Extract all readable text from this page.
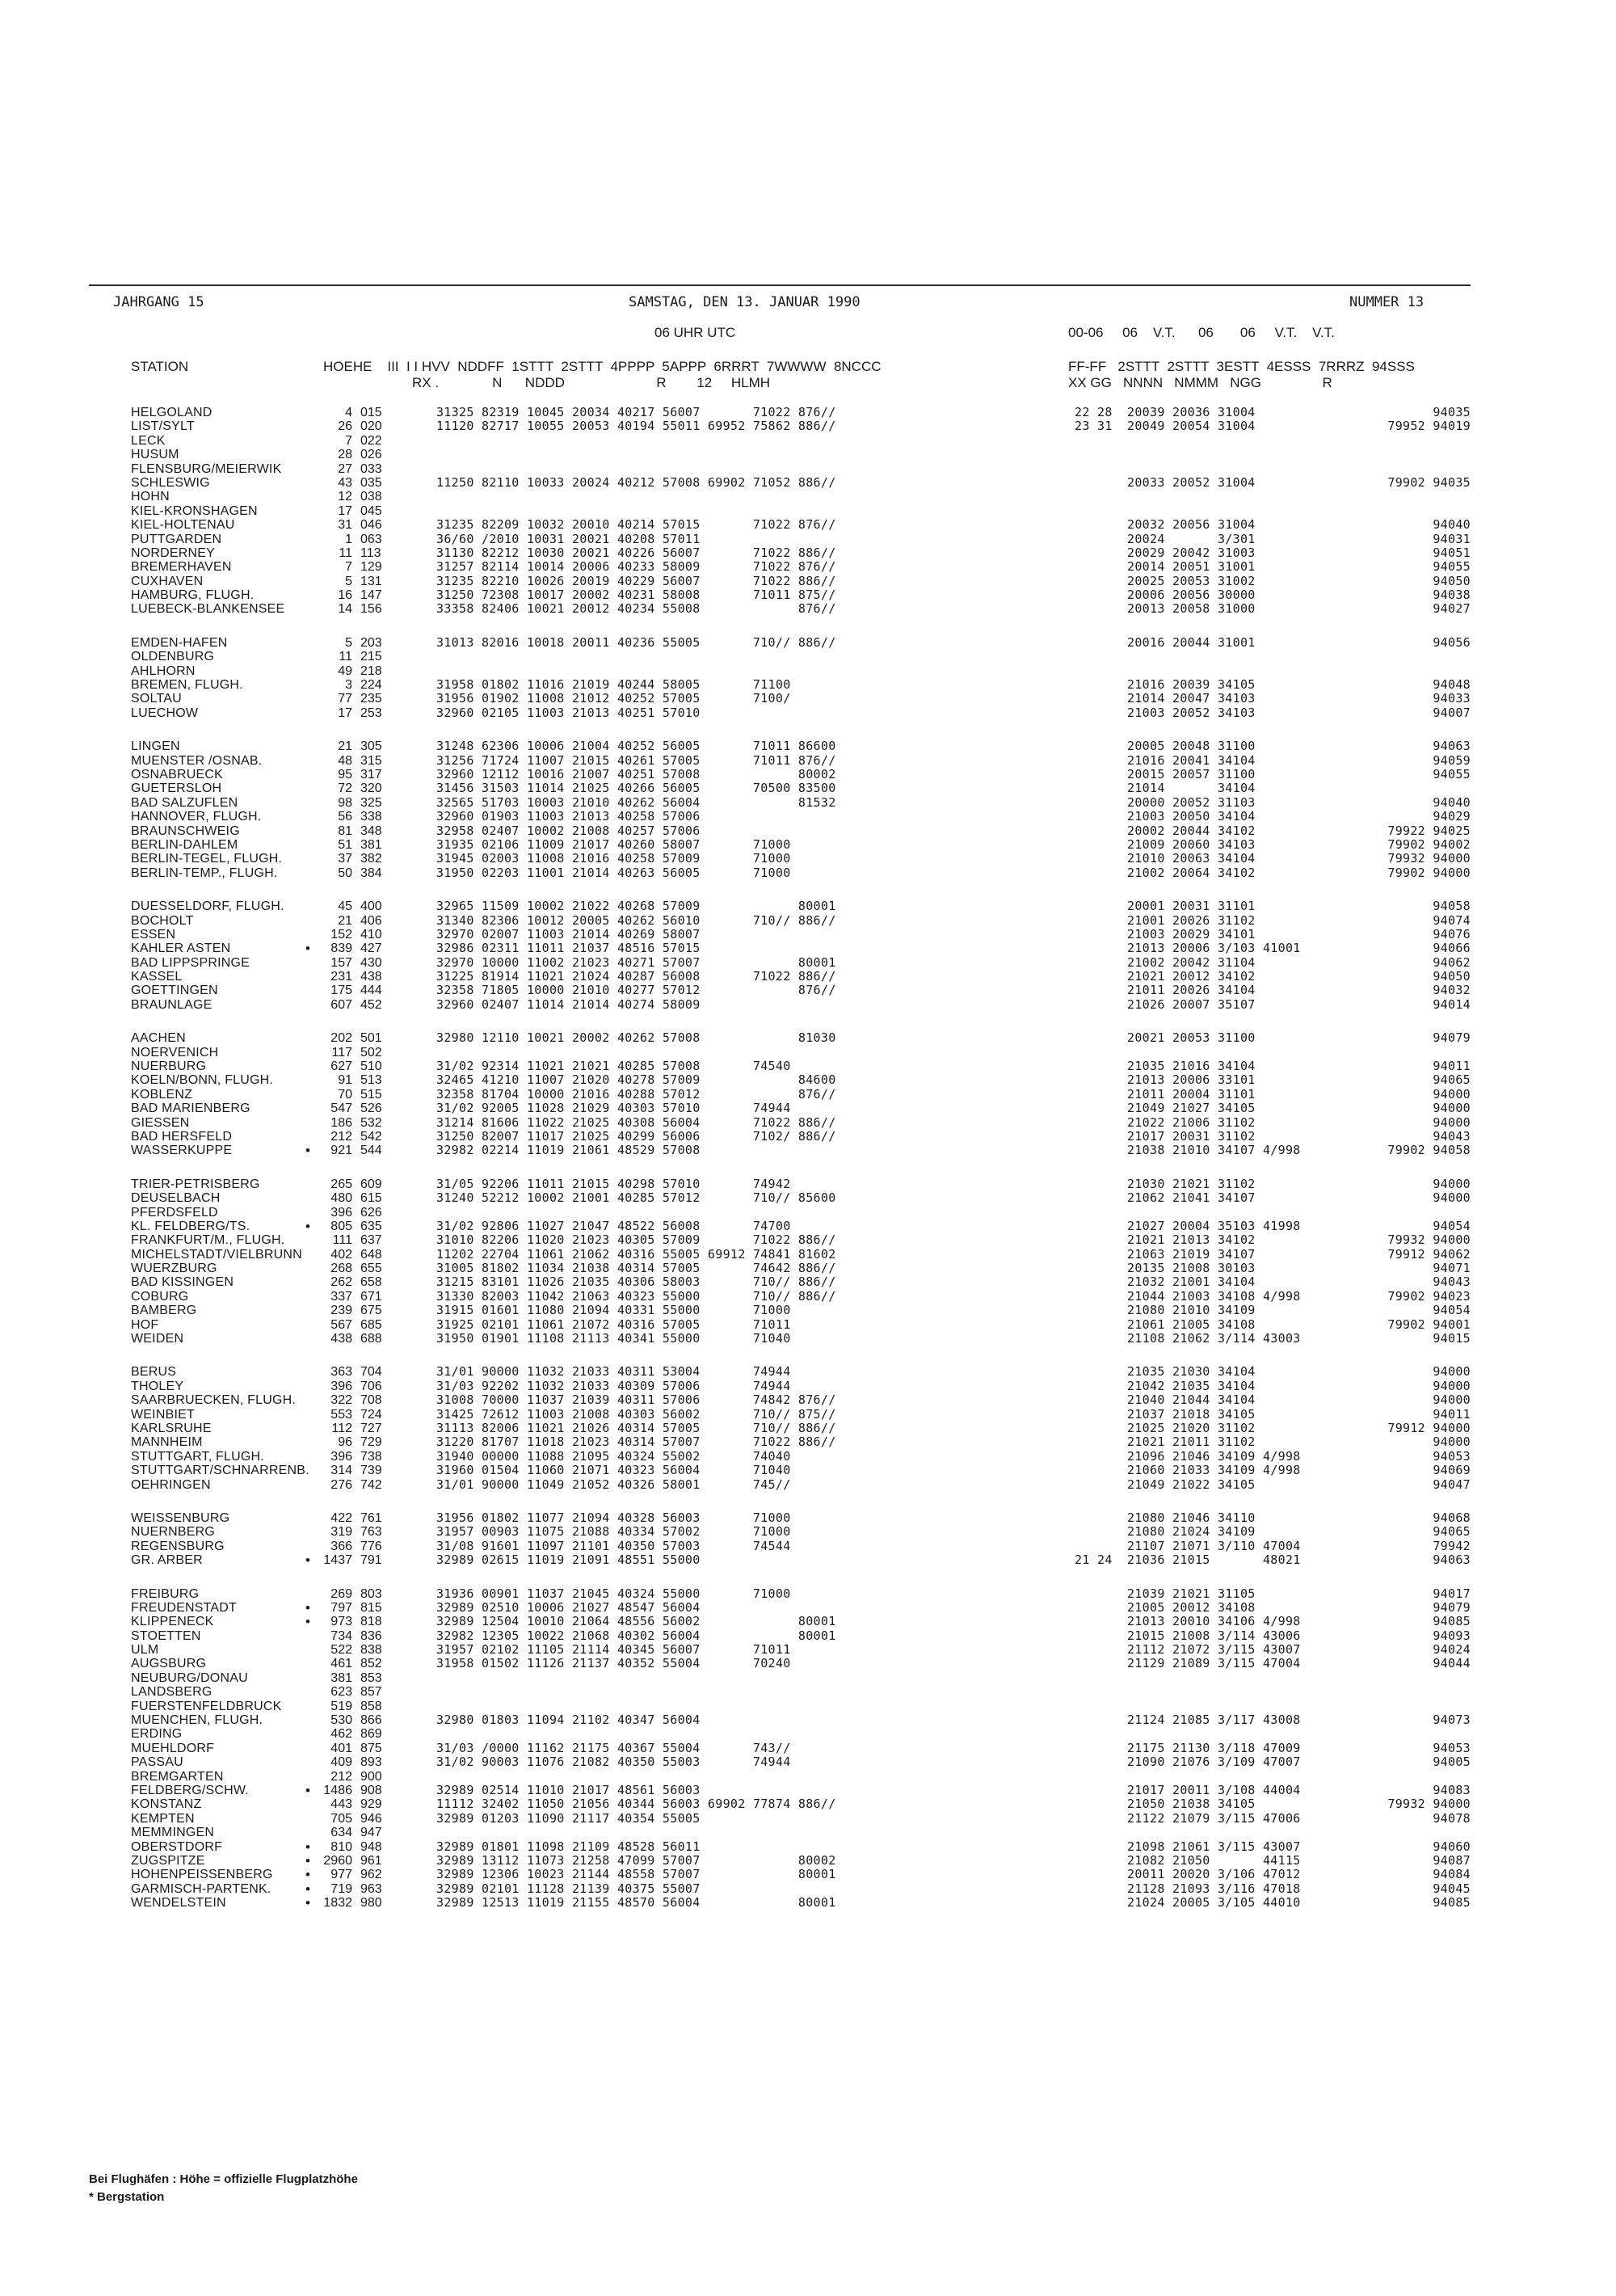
JAHRGANG 15	SAMSTAG, DEN 13. JANUAR 1990	NUMMER 13
06 UHR UTC	00-06     06    V.T.      06       06     V.T.    V.T.
STATION	HOEHE    III  I I HVV  NDDFF  1STTT  2STTT  4PPPP  5APPP  6RRRT  7WWWW  8NCCC	FF-FF   2STTT  2STTT  3ESTT  4ESSS  7RRRZ  94SSS
RX .              N      NDDD                        R        12     HLMH	XX GG   NNNN   NMMM   NGG                R
HELGOLAND	4 015	31325 82319 10045 20034 40217 56007       71022 876//	22 28 20039 20036 31004	94035
LIST/SYLT	26 020	11120 82717 10055 20053 40194 55011 69952 75862 886//	23 31 20049 20054 31004	79952 94019
LECK	7 022
HUSUM	28 026
FLENSBURG/MEIERWIK	27 033
SCHLESWIG	43 035	11250 82110 10033 20024 40212 57008 69902 71052 886//	20033 20052 31004	79902 94035
HOHN	12 038
KIEL-KRONSHAGEN	17 045
KIEL-HOLTENAU	31 046	31235 82209 10032 20010 40214 57015       71022 876//	20032 20056 31004	94040
PUTTGARDEN	1 063	36/60 /2010 10031 20021 40208 57011	20024       3/301	94031
NORDERNEY	11 113	31130 82212 10030 20021 40226 56007       71022 886//	20029 20042 31003	94051
BREMERHAVEN	7 129	31257 82114 10014 20006 40233 58009       71022 876//	20014 20051 31001	94055
CUXHAVEN	5 131	31235 82210 10026 20019 40229 56007       71022 886//	20025 20053 31002	94050
HAMBURG, FLUGH.	16 147	31250 72308 10017 20002 40231 58008       71011 875//	20006 20056 30000	94038
LUEBECK-BLANKENSEE	14 156	33358 82406 10021 20012 40234 55008             876//	20013 20058 31000	94027
EMDEN-HAFEN	5 203	31013 82016 10018 20011 40236 55005       710// 886//	20016 20044 31001	94056
OLDENBURG	11 215
AHLHORN	49 218
BREMEN, FLUGH.	3 224	31958 01802 11016 21019 40244 58005       71100	21016 20039 34105	94048
SOLTAU	77 235	31956 01902 11008 21012 40252 57005       7100/	21014 20047 34103	94033
LUECHOW	17 253	32960 02105 11003 21013 40251 57010	21003 20052 34103	94007
LINGEN	21 305	31248 62306 10006 21004 40252 56005       71011 86600	20005 20048 31100	94063
MUENSTER /OSNAB.	48 315	31256 71724 11007 21015 40261 57005       71011 876//	21016 20041 34104	94059
OSNABRUECK	95 317	32960 12112 10016 21007 40251 57008             80002	20015 20057 31100	94055
GUETERSLOH	72 320	31456 31503 11014 21025 40266 56005       70500 83500	21014       34104
BAD SALZUFLEN	98 325	32565 51703 10003 21010 40262 56004             81532	20000 20052 31103	94040
HANNOVER, FLUGH.	56 338	32960 01903 11003 21013 40258 57006	21003 20050 34104	94029
BRAUNSCHWEIG	81 348	32958 02407 10002 21008 40257 57006	20002 20044 34102	79922 94025
BERLIN-DAHLEM	51 381	31935 02106 11009 21017 40260 58007       71000	21009 20060 34103	79902 94002
BERLIN-TEGEL, FLUGH.	37 382	31945 02003 11008 21016 40258 57009       71000	21010 20063 34104	79932 94000
BERLIN-TEMP., FLUGH.	50 384	31950 02203 11001 21014 40263 56005       71000	21002 20064 34102	79902 94000
DUESSELDORF, FLUGH.	45 400	32965 11509 10002 21022 40268 57009             80001	20001 20031 31101	94058
BOCHOLT	21 406	31340 82306 10012 20005 40262 56010       710// 886//	21001 20026 31102	94074
ESSEN	152 410	32970 02007 11003 21014 40269 58007	21003 20029 34101	94076
KAHLER ASTEN	•	839 427	32986 02311 11011 21037 48516 57015	21013 20006 3/103 41001	94066
BAD LIPPSPRINGE	157 430	32970 10000 11002 21023 40271 57007             80001	21002 20042 31104	94062
KASSEL	231 438	31225 81914 11021 21024 40287 56008       71022 886//	21021 20012 34102	94050
GOETTINGEN	175 444	32358 71805 10000 21010 40277 57012             876//	21011 20026 34104	94032
BRAUNLAGE	607 452	32960 02407 11014 21014 40274 58009	21026 20007 35107	94014
AACHEN	202 501	32980 12110 10021 20002 40262 57008             81030	20021 20053 31100	94079
NOERVENICH	117 502
NUERBURG	627 510	31/02 92314 11021 21021 40285 57008       74540	21035 21016 34104	94011
KOELN/BONN, FLUGH.	91 513	32465 41210 11007 21020 40278 57009             84600	21013 20006 33101	94065
KOBLENZ	70 515	32358 81704 10000 21016 40288 57012             876//	21011 20004 31101	94000
BAD MARIENBERG	547 526	31/02 92005 11028 21029 40303 57010       74944	21049 21027 34105	94000
GIESSEN	186 532	31214 81606 11022 21025 40308 56004       71022 886//	21022 21006 31102	94000
BAD HERSFELD	212 542	31250 82007 11017 21025 40299 56006       7102/ 886//	21017 20031 31102	94043
WASSERKUPPE	•	921 544	32982 02214 11019 21061 48529 57008	21038 21010 34107 4/998	79902 94058
TRIER-PETRISBERG	265 609	31/05 92206 11011 21015 40298 57010       74942	21030 21021 31102	94000
DEUSELBACH	480 615	31240 52212 10002 21001 40285 57012       710// 85600	21062 21041 34107	94000
PFERDSFELD	396 626
KL. FELDBERG/TS.	•	805 635	31/02 92806 11027 21047 48522 56008       74700	21027 20004 35103 41998	94054
FRANKFURT/M., FLUGH.	111 637	31010 82206 11020 21023 40305 57009       71022 886//	21021 21013 34102	79932 94000
MICHELSTADT/VIELBRUNN	402 648	11202 22704 11061 21062 40316 55005 69912 74841 81602	21063 21019 34107	79912 94062
WUERZBURG	268 655	31005 81802 11034 21038 40314 57005       74642 886//	20135 21008 30103	94071
BAD KISSINGEN	262 658	31215 83101 11026 21035 40306 58003       710// 886//	21032 21001 34104	94043
COBURG	337 671	31330 82003 11042 21063 40323 55000       710// 886//	21044 21003 34108 4/998	79902 94023
BAMBERG	239 675	31915 01601 11080 21094 40331 55000       71000	21080 21010 34109	94054
HOF	567 685	31925 02101 11061 21072 40316 57005       71011	21061 21005 34108	79902 94001
WEIDEN	438 688	31950 01901 11108 21113 40341 55000       71040	21108 21062 3/114 43003	94015
BERUS	363 704	31/01 90000 11032 21033 40311 53004       74944	21035 21030 34104	94000
THOLEY	396 706	31/03 92202 11032 21033 40309 57006       74944	21042 21035 34104	94000
SAARBRUECKEN, FLUGH.	322 708	31008 70000 11037 21039 40311 57006       74842 876//	21040 21044 34104	94000
WEINBIET	553 724	31425 72612 11003 21008 40303 56002       710// 875//	21037 21018 34105	94011
KARLSRUHE	112 727	31113 82006 11021 21026 40314 57005       710// 886//	21025 21020 31102	79912 94000
MANNHEIM	96 729	31220 81707 11018 21023 40314 57007       71022 886//	21021 21011 31102	94000
STUTTGART, FLUGH.	396 738	31940 00000 11088 21095 40324 55002       74040	21096 21046 34109 4/998	94053
STUTTGART/SCHNARRENB.	314 739	31960 01504 11060 21071 40323 56004       71040	21060 21033 34109 4/998	94069
OEHRINGEN	276 742	31/01 90000 11049 21052 40326 58001       745//	21049 21022 34105	94047
WEISSENBURG	422 761	31956 01802 11077 21094 40328 56003       71000	21080 21046 34110	94068
NUERNBERG	319 763	31957 00903 11075 21088 40334 57002       71000	21080 21024 34109	94065
REGENSBURG	366 776	31/08 91601 11097 21101 40350 57003       74544	21107 21071 3/110 47004	79942
GR. ARBER	•	1437 791	32989 02615 11019 21091 48551 55000	21 24 21036 21015       48021	94063
FREIBURG	269 803	31936 00901 11037 21045 40324 55000       71000	21039 21021 31105	94017
FREUDENSTADT	•	797 815	32989 02510 10006 21027 48547 56004	21005 20012 34108	94079
KLIPPENECK	•	973 818	32989 12504 10010 21064 48556 56002             80001	21013 20010 34106 4/998	94085
STOETTEN	734 836	32982 12305 10022 21068 40302 56004             80001	21015 21008 3/114 43006	94093
ULM	522 838	31957 02102 11105 21114 40345 56007       71011	21112 21072 3/115 43007	94024
AUGSBURG	461 852	31958 01502 11126 21137 40352 55004       70240	21129 21089 3/115 47004	94044
NEUBURG/DONAU	381 853
LANDSBERG	623 857
FUERSTENFELDBRUCK	519 858
MUENCHEN, FLUGH.	530 866	32980 01803 11094 21102 40347 56004	21124 21085 3/117 43008	94073
ERDING	462 869
MUEHLDORF	401 875	31/03 /0000 11162 21175 40367 55004       743//	21175 21130 3/118 47009	94053
PASSAU	409 893	31/02 90003 11076 21082 40350 55003       74944	21090 21076 3/109 47007	94005
BREMGARTEN	212 900
FELDBERG/SCHW.	•	1486 908	32989 02514 11010 21017 48561 56003	21017 20011 3/108 44004	94083
KONSTANZ	443 929	11112 32402 11050 21056 40344 56003 69902 77874 886//	21050 21038 34105	79932 94000
KEMPTEN	705 946	32989 01203 11090 21117 40354 55005	21122 21079 3/115 47006	94078
MEMMINGEN	634 947
OBERSTDORF	•	810 948	32989 01801 11098 21109 48528 56011	21098 21061 3/115 43007	94060
ZUGSPITZE	•	2960 961	32989 13112 11073 21258 47099 57007             80002	21082 21050       44115	94087
HOHENPEISSENBERG •	977 962	32989 12306 10023 21144 48558 57007             80001	20011 20020 3/106 47012	94084
GARMISCH-PARTENK.	•	719 963	32989 02101 11128 21139 40375 55007	21128 21093 3/116 47018	94045
WENDELSTEIN	•	1832 980	32989 12513 11019 21155 48570 56004             80001	21024 20005 3/105 44010	94085
Bei Flughäfen : Höhe = offizielle Flugplatzhöhe
* Bergstation
